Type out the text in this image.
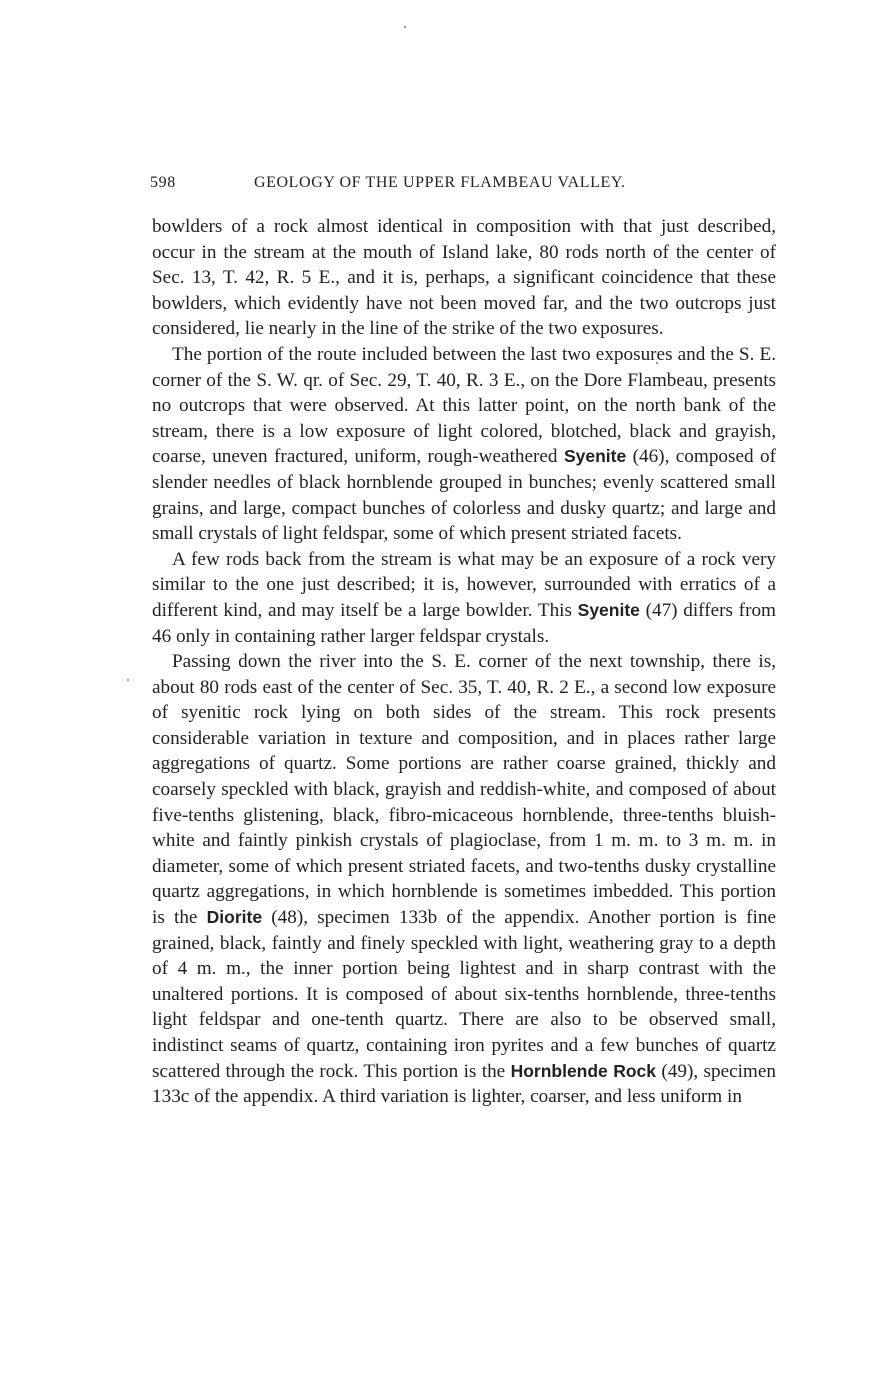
598	GEOLOGY OF THE UPPER FLAMBEAU VALLEY.

bowlders of a rock almost identical in composition with that just described, occur in the stream at the mouth of Island lake, 80 rods north of the center of Sec. 13, T. 42, R. 5 E., and it is, perhaps, a significant coincidence that these bowlders, which evidently have not been moved far, and the two outcrops just considered, lie nearly in the line of the strike of the two exposures.

The portion of the route included between the last two exposures and the S. E. corner of the S. W. qr. of Sec. 29, T. 40, R. 3 E., on the Dore Flambeau, presents no outcrops that were observed. At this latter point, on the north bank of the stream, there is a low exposure of light colored, blotched, black and grayish, coarse, uneven fractured, uniform, rough-weathered Syenite (46), composed of slender needles of black hornblende grouped in bunches; evenly scattered small grains, and large, compact bunches of colorless and dusky quartz; and large and small crystals of light feldspar, some of which present striated facets.

A few rods back from the stream is what may be an exposure of a rock very similar to the one just described; it is, however, surrounded with erratics of a different kind, and may itself be a large bowlder. This Syenite (47) differs from 46 only in containing rather larger feldspar crystals.

Passing down the river into the S. E. corner of the next township, there is, about 80 rods east of the center of Sec. 35, T. 40, R. 2 E., a second low exposure of syenitic rock lying on both sides of the stream. This rock presents considerable variation in texture and composition, and in places rather large aggregations of quartz. Some portions are rather coarse grained, thickly and coarsely speckled with black, grayish and reddish-white, and composed of about five-tenths glistening, black, fibro-micaceous hornblende, three-tenths bluish-white and faintly pinkish crystals of plagioclase, from 1 m. m. to 3 m. m. in diameter, some of which present striated facets, and two-tenths dusky crystalline quartz aggregations, in which hornblende is sometimes imbedded. This portion is the Diorite (48), specimen 133b of the appendix. Another portion is fine grained, black, faintly and finely speckled with light, weathering gray to a depth of 4 m. m., the inner portion being lightest and in sharp contrast with the unaltered portions. It is composed of about six-tenths hornblende, three-tenths light feldspar and one-tenth quartz. There are also to be observed small, indistinct seams of quartz, containing iron pyrites and a few bunches of quartz scattered through the rock. This portion is the Hornblende Rock (49), specimen 133c of the appendix. A third variation is lighter, coarser, and less uniform in
